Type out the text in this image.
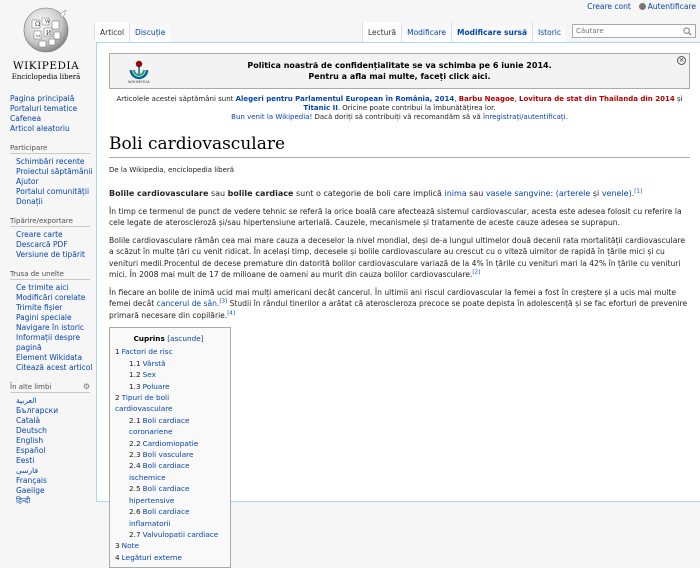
Creare cont	Autentificare
Ω W
И
ω
WIKIPEDIA
Enciclopedia liberă
Pagina principală
Portaluri tematice
Cafenea
Articol aleatoriu
Participare
Schimbări recente
Proiectul săptămânii
Ajutor
Portalul comunității
Donații
Tipărire/exportare
Creare carte
Descarcă PDF
Versiune de tipărit
Trusa de unelte
Ce trimite aici
Modificări corelate
Trimite fișier
Pagini speciale
Navigare în istoric
Informații despre pagină
Element Wikidata
Citează acest articol
În alte limbi	⚙
العربية
Български
Català
Deutsch
English
Español
Eesti
فارسی
Français
Gaeilge
हिन्दी
Articol	Discuție	Lectură	Modificare	Modificare sursă	Istoric
Căutare
WIKIMEDIA
Politica noastră de confidențialitate se va schimba pe 6 iunie 2014.
Pentru a afla mai multe, faceți click aici.
×
Articolele acestei săptămâni sunt Alegeri pentru Parlamentul European în România, 2014, Barbu Neagoe, Lovitura de stat din Thailanda din 2014 și Titanic II. Oricine poate contribui la îmbunătățirea lor.
Bun venit la Wikipedia! Dacă doriți să contribuiți vă recomandăm să vă înregistrați/autentificați.
Boli cardiovasculare
De la Wikipedia, enciclopedia liberă

Bolile cardiovasculare sau bolile cardiace sunt o categorie de boli care implică inima sau vasele sangvine: (arterele și venele).[1]

În timp ce termenul de punct de vedere tehnic se referă la orice boală care afectează sistemul cardiovascular, acesta este adesea folosit cu referire la cele legate de ateroscleroză și/sau hipertensiune arterială. Cauzele, mecanismele și tratamente de aceste cauze adesea se suprapun.

Bolile cardiovasculare rămân cea mai mare cauza a deceselor la nivel mondial, deși de-a lungul ultimelor două decenii rata mortalității cardiovasculare a scăzut în multe țări cu venit ridicat. În același timp, decesele și bolile cardiovasculare au crescut cu o viteză uimitor de rapidă în țările mici și cu venituri medii.Procentul de decese premature din datorită bolilor cardiovasculare variază de la 4% în țările cu venituri mari la 42% în țările cu venituri mici. În 2008 mai mult de 17 de milioane de oameni au murit din cauza bolilor cardiovasculare.[2]

În fiecare an bolile de inimă ucid mai mulți americani decât cancerul. În ultimii ani riscul cardiovascular la femei a fost în creștere și a ucis mai multe femei decât cancerul de sân.[3] Studii în rândul tinerilor a arătat că ateroscleroza precoce se poate depista în adolescență și se fac eforturi de prevenire primară necesare din copilărie.[4]

Cuprins [ascunde]
1 Factori de risc
1.1 Vârstă
1.2 Sex
1.3 Poluare
2 Tipuri de boli cardiovasculare
2.1 Boli cardiace coronariene
2.2 Cardiomiopatie
2.3 Boli vasculare
2.4 Boli cardiace ischemice
2.5 Boli cardiace hipertensive
2.6 Boli cardiace inflamatorii
2.7 Valvulopatii cardiace
3 Note
4 Legături externe
